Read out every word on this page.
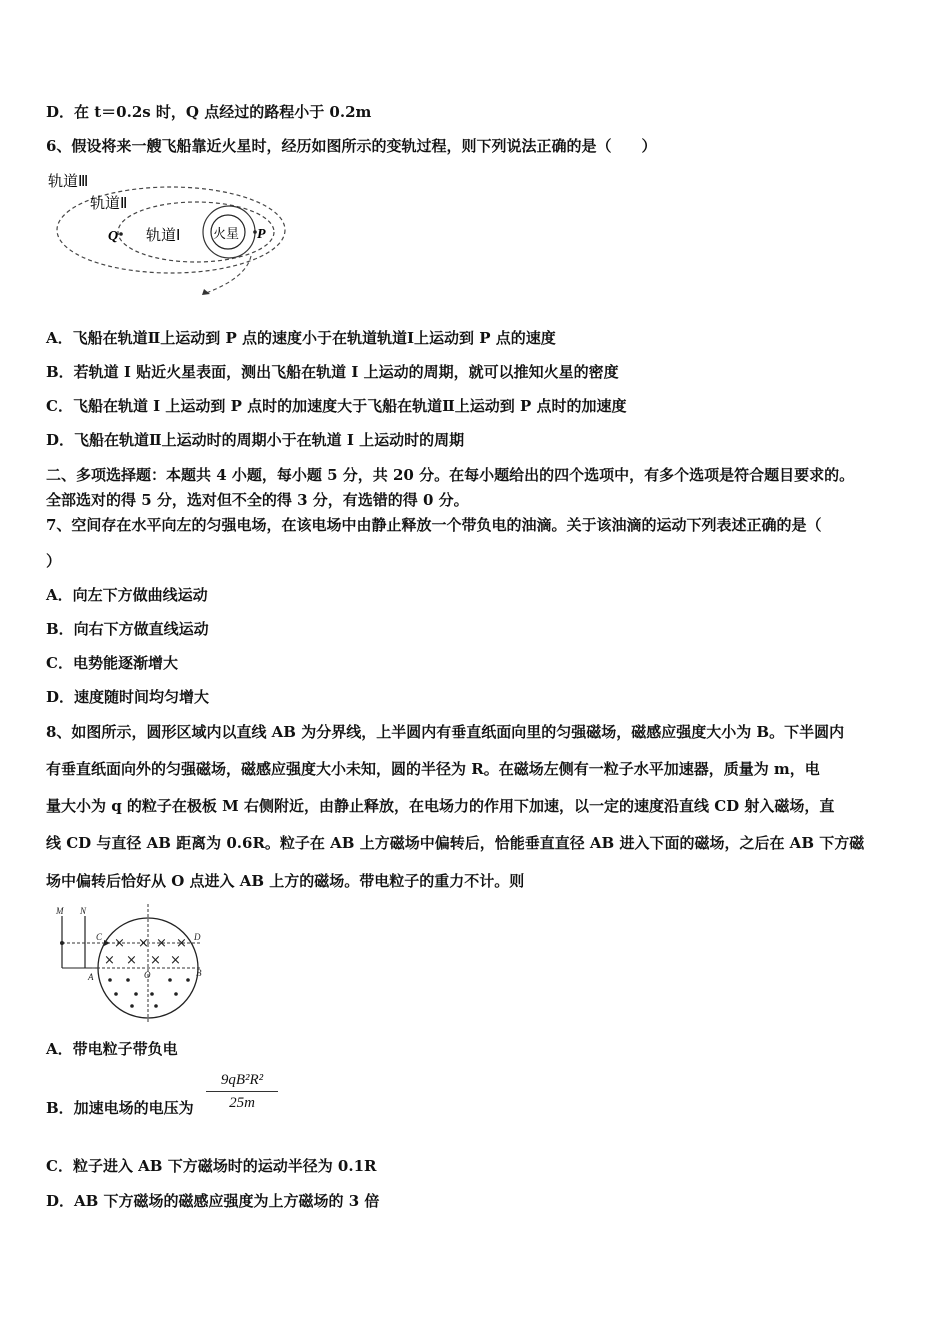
D．在 t＝0.2s 时，Q 点经过的路程小于 0.2m
6、假设将来一艘飞船靠近火星时，经历如图所示的变轨过程，则下列说法正确的是（　　）
轨道Ⅲ
轨道Ⅱ
轨道Ⅰ	火星
Q	P
A．飞船在轨道Ⅱ上运动到 P 点的速度小于在轨道轨道Ⅰ上运动到 P 点的速度
B．若轨道 I 贴近火星表面，测出飞船在轨道 I 上运动的周期，就可以推知火星的密度
C．飞船在轨道 I 上运动到 P 点时的加速度大于飞船在轨道Ⅱ上运动到 P 点时的加速度
D．飞船在轨道Ⅱ上运动时的周期小于在轨道 I 上运动时的周期
二、多项选择题：本题共 4 小题，每小题 5 分，共 20 分。在每小题给出的四个选项中，有多个选项是符合题目要求的。
全部选对的得 5 分，选对但不全的得 3 分，有选错的得 0 分。
7、空间存在水平向左的匀强电场，在该电场中由静止释放一个带负电的油滴。关于该油滴的运动下列表述正确的是（
）
A．向左下方做曲线运动
B．向右下方做直线运动
C．电势能逐渐增大
D．速度随时间均匀增大
8、如图所示，圆形区域内以直线 AB 为分界线，上半圆内有垂直纸面向里的匀强磁场，磁感应强度大小为 B。下半圆内
有垂直纸面向外的匀强磁场，磁感应强度大小未知，圆的半径为 R。在磁场左侧有一粒子水平加速器，质量为 m，电
量大小为 q 的粒子在极板 M 右侧附近，由静止释放，在电场力的作用下加速，以一定的速度沿直线 CD 射入磁场，直
线 CD 与直径 AB 距离为 0.6R。粒子在 AB 上方磁场中偏转后，恰能垂直直径 AB 进入下面的磁场，之后在 AB 下方磁
场中偏转后恰好从 O 点进入 AB 上方的磁场。带电粒子的重力不计。则
× × × ×
× × × ×
M N
C	D
A	B
O
A．带电粒子带负电
B．加速电场的电压为 $\frac{\text{9qB²R²}}{25m}$
C．粒子进入 AB 下方磁场时的运动半径为 0.1R
D．AB 下方磁场的磁感应强度为上方磁场的 3 倍
